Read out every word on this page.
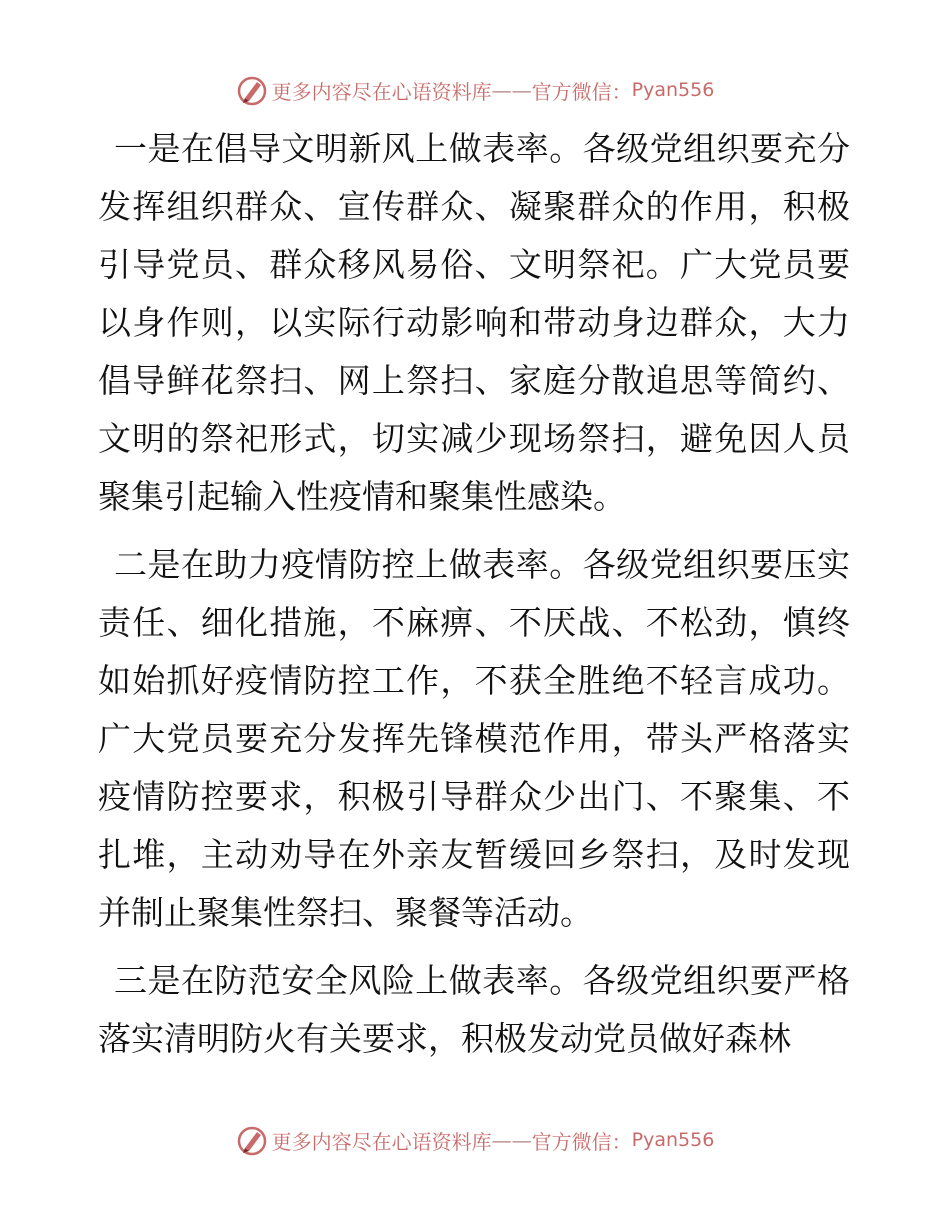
更多内容尽在心语资料库 —— 官方微信： Pyan556

一是在倡导文明新风上做表率。各级党组织要充分发挥组织群众、宣传群众、凝聚群众的作用，积极引导党员、群众移风易俗、文明祭祀。广大党员要以身作则，以实际行动影响和带动身边群众，大力倡导鲜花祭扫、网上祭扫、家庭分散追思等简约、文明的祭祀形式，切实减少现场祭扫，避免因人员聚集引起输入性疫情和聚集性感染。

二是在助力疫情防控上做表率。各级党组织要压实责任、细化措施，不麻痹、不厌战、不松劲，慎终如始抓好疫情防控工作，不获全胜绝不轻言成功。广大党员要充分发挥先锋模范作用，带头严格落实疫情防控要求，积极引导群众少出门、不聚集、不扎堆，主动劝导在外亲友暂缓回乡祭扫，及时发现并制止聚集性祭扫、聚餐等活动。

三是在防范安全风险上做表率。各级党组织要严格落实清明防火有关要求，积极发动党员做好森林

更多内容尽在心语资料库 —— 官方微信： Pyan556
